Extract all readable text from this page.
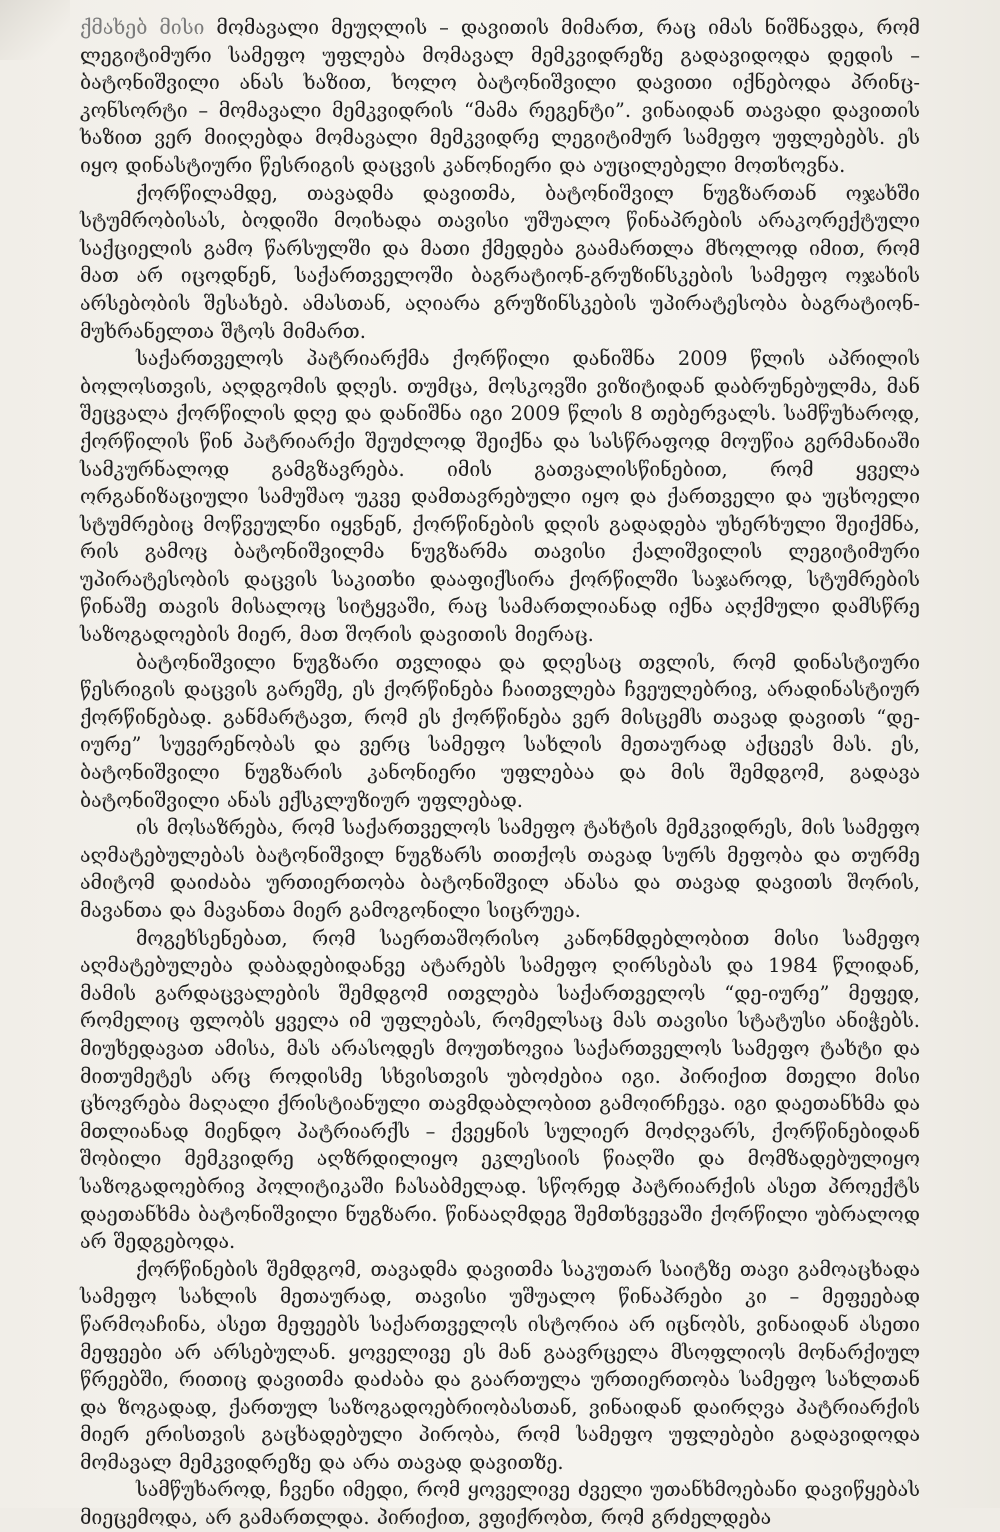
ქმახებ მისი მომავალი მეუღლის – დავითის მიმართ, რაც იმას ნიშნავდა, რომ ლეგიტიმური სამეფო უფლება მომავალ მემკვიდრეზე გადავიდოდა დედის – ბატონიშვილი ანას ხაზით, ხოლო ბატონიშვილი დავითი იქნებოდა პრინც-კონსორტი – მომავალი მემკვიდრის “მამა რეგენტი”. ვინაიდან თავადი დავითის ხაზით ვერ მიიღებდა მომავალი მემკვიდრე ლეგიტიმურ სამეფო უფლებებს. ეს იყო დინასტიური წესრიგის დაცვის კანონიერი და აუცილებელი მოთხოვნა.

ქორწილამდე, თავადმა დავითმა, ბატონიშვილ ნუგზართან ოჯახში სტუმრობისას, ბოდიში მოიხადა თავისი უშუალო წინაპრების არაკორექტული საქციელის გამო წარსულში და მათი ქმედება გაამართლა მხოლოდ იმით, რომ მათ არ იცოდნენ, საქართველოში ბაგრატიონ-გრუზინსკების სამეფო ოჯახის არსებობის შესახებ. ამასთან, აღიარა გრუზინსკების უპირატესობა ბაგრატიონ-მუხრანელთა შტოს მიმართ.

საქართველოს პატრიარქმა ქორწილი დანიშნა 2009 წლის აპრილის ბოლოსთვის, აღდგომის დღეს. თუმცა, მოსკოვში ვიზიტიდან დაბრუნებულმა, მან შეცვალა ქორწილის დღე და დანიშნა იგი 2009 წლის 8 თებერვალს. სამწუხაროდ, ქორწილის წინ პატრიარქი შეუძლოდ შეიქნა და სასწრაფოდ მოუწია გერმანიაში სამკურნალოდ გამგზავრება. იმის გათვალისწინებით, რომ ყველა ორგანიზაციული სამუშაო უკვე დამთავრებული იყო და ქართველი და უცხოელი სტუმრებიც მოწვეულნი იყვნენ, ქორწინების დღის გადადება უხერხული შეიქმნა, რის გამოც ბატონიშვილმა ნუგზარმა თავისი ქალიშვილის ლეგიტიმური უპირატესობის დაცვის საკითხი დააფიქსირა ქორწილში საჯაროდ, სტუმრების წინაშე თავის მისალოც სიტყვაში, რაც სამართლიანად იქნა აღქმული დამსწრე საზოგადოების მიერ, მათ შორის დავითის მიერაც.

ბატონიშვილი ნუგზარი თვლიდა და დღესაც თვლის, რომ დინასტიური წესრიგის დაცვის გარეშე, ეს ქორწინება ჩაითვლება ჩვეულებრივ, არადინასტიურ ქორწინებად. განმარტავთ, რომ ეს ქორწინება ვერ მისცემს თავად დავითს “დე-იურე” სუვერენობას და ვერც სამეფო სახლის მეთაურად აქცევს მას. ეს, ბატონიშვილი ნუგზარის კანონიერი უფლებაა და მის შემდგომ, გადავა ბატონიშვილი ანას ექსკლუზიურ უფლებად.

ის მოსაზრება, რომ საქართველოს სამეფო ტახტის მემკვიდრეს, მის სამეფო აღმატებულებას ბატონიშვილ ნუგზარს თითქოს თავად სურს მეფობა და თურმე ამიტომ დაიძაბა ურთიერთობა ბატონიშვილ ანასა და თავად დავითს შორის, მავანთა და მავანთა მიერ გამოგონილი სიცრუეა.

მოგეხსენებათ, რომ საერთაშორისო კანონმდებლობით მისი სამეფო აღმატებულება დაბადებიდანვე ატარებს სამეფო ღირსებას და 1984 წლიდან, მამის გარდაცვალების შემდგომ ითვლება საქართველოს “დე-იურე” მეფედ, რომელიც ფლობს ყველა იმ უფლებას, რომელსაც მას თავისი სტატუსი ანიჭებს. მიუხედავათ ამისა, მას არასოდეს მოუთხოვია საქართველოს სამეფო ტახტი და მითუმეტეს არც როდისმე სხვისთვის უბოძებია იგი. პირიქით მთელი მისი ცხოვრება მაღალი ქრისტიანული თავმდაბლობით გამოირჩევა. იგი დაეთანხმა და მთლიანად მიენდო პატრიარქს – ქვეყნის სულიერ მოძღვარს, ქორწინებიდან შობილი მემკვიდრე აღზრდილიყო ეკლესიის წიაღში და მომზადებულიყო საზოგადოებრივ პოლიტიკაში ჩასაბმელად. სწორედ პატრიარქის ასეთ პროექტს დაეთანხმა ბატონიშვილი ნუგზარი. წინააღმდეგ შემთხვევაში ქორწილი უბრალოდ არ შედგებოდა.

ქორწინების შემდგომ, თავადმა დავითმა საკუთარ საიტზე თავი გამოაცხადა სამეფო სახლის მეთაურად, თავისი უშუალო წინაპრები კი – მეფეებად წარმოაჩინა, ასეთ მეფეებს საქართველოს ისტორია არ იცნობს, ვინაიდან ასეთი მეფეები არ არსებულან. ყოველივე ეს მან გაავრცელა მსოფლიოს მონარქიულ წრეებში, რითიც დავითმა დაძაბა და გაართულა ურთიერთობა სამეფო სახლთან და ზოგადად, ქართულ საზოგადოებრიობასთან, ვინაიდან დაირღვა პატრიარქის მიერ ერისთვის გაცხადებული პირობა, რომ სამეფო უფლებები გადავიდოდა მომავალ მემკვიდრეზე და არა თავად დავითზე.

სამწუხაროდ, ჩვენი იმედი, რომ ყოველივე ძველი უთანხმოებანი დავიწყებას მიეცემოდა, არ გამართლდა. პირიქით, ვფიქრობთ, რომ გრძელდება
